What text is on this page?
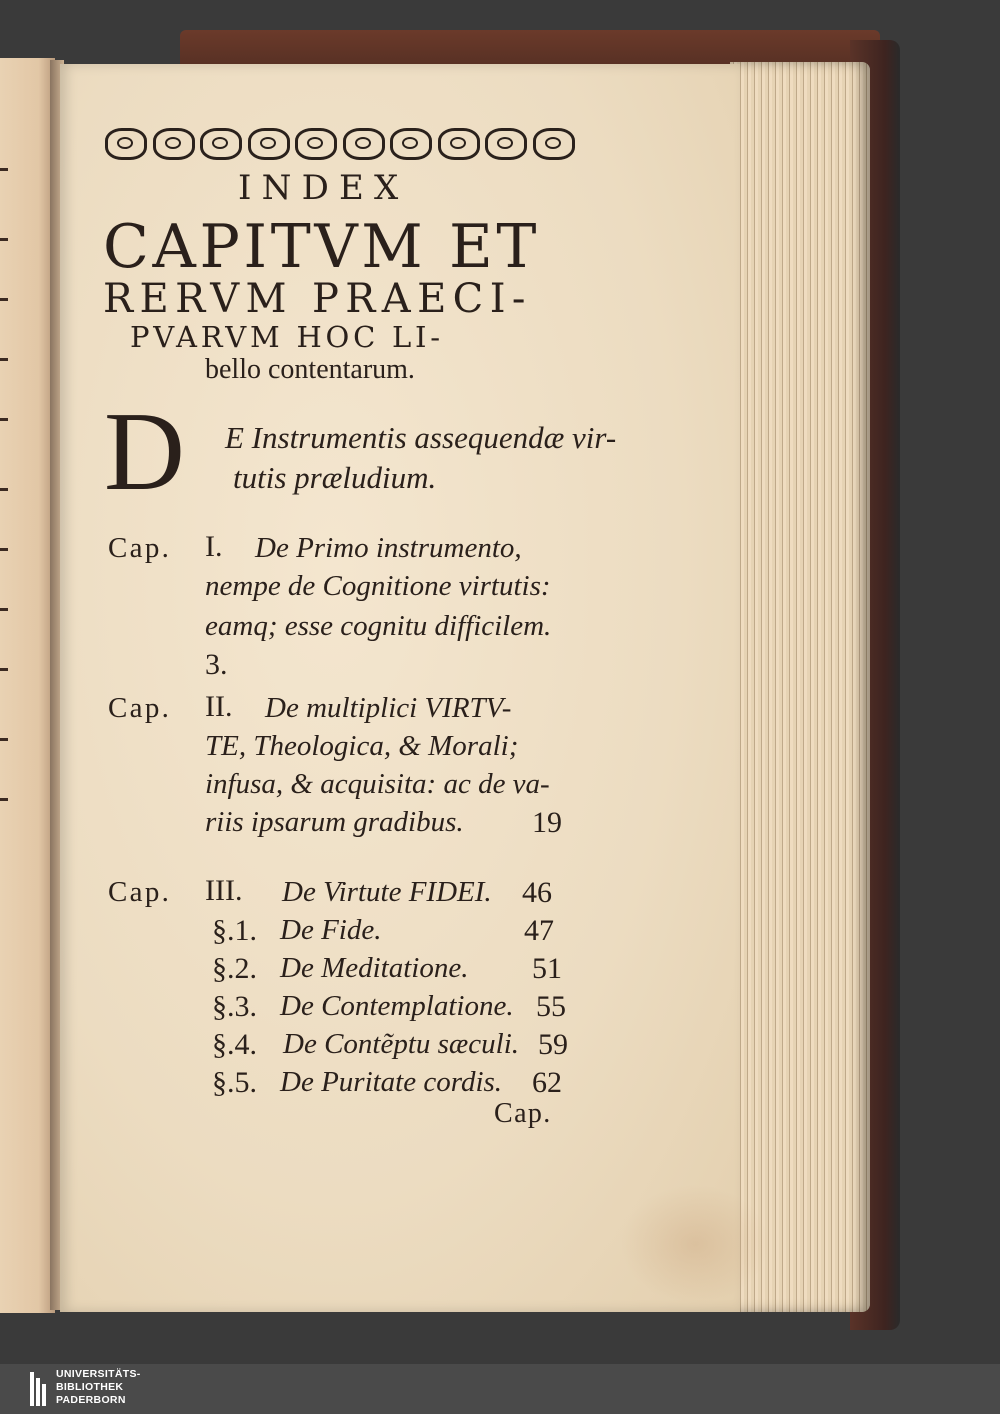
INDEX
CAPITVM ET
RERVM PRAECI-
PVARVM HOC LI-
bello contentarum.
D E Instrumentis assequendæ vir-
tutis præludium.
Cap. I. De Primo instrumento,
nempe de Cognitione virtutis:
eamq; esse cognitu difficilem.
3.
Cap. II. De multiplici VIRTV-
TE, Theologica, & Morali;
infusa, & acquisita: ac de va-
riis ipsarum gradibus. 19
Cap. III. De Virtute FIDEI. 46
§.1. De Fide.	47
§.2. De Meditatione. 51
§.3. De Contemplatione. 55
§.4. De Contẽptu sæculi. 59
§.5. De Puritate cordis. 62
Cap.
UNIVERSITÄTS-
BIBLIOTHEK
PADERBORN
